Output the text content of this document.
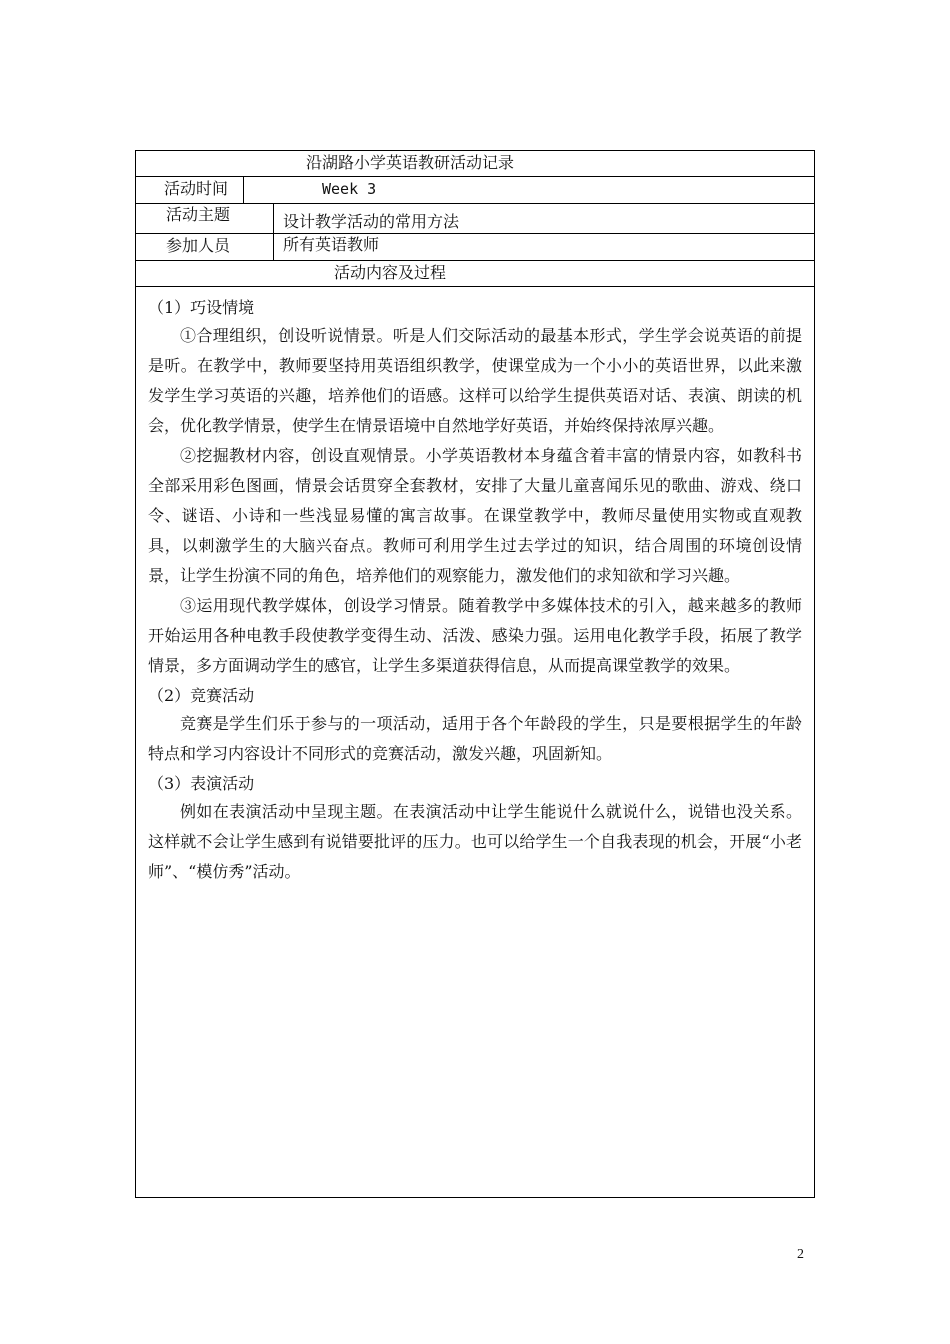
沿湖路小学英语教研活动记录
活动时间	Week 3
活动主题	设计教学活动的常用方法
参加人员	所有英语教师
活动内容及过程
（1）巧设情境
①合理组织，创设听说情景。听是人们交际活动的最基本形式，学生学会说英语的前提是听。在教学中，教师要坚持用英语组织教学，使课堂成为一个小小的英语世界，以此来激发学生学习英语的兴趣，培养他们的语感。这样可以给学生提供英语对话、表演、朗读的机会，优化教学情景，使学生在情景语境中自然地学好英语，并始终保持浓厚兴趣。
②挖掘教材内容，创设直观情景。小学英语教材本身蕴含着丰富的情景内容，如教科书全部采用彩色图画，情景会话贯穿全套教材，安排了大量儿童喜闻乐见的歌曲、游戏、绕口令、谜语、小诗和一些浅显易懂的寓言故事。在课堂教学中，教师尽量使用实物或直观教具，以刺激学生的大脑兴奋点。教师可利用学生过去学过的知识，结合周围的环境创设情景，让学生扮演不同的角色，培养他们的观察能力，激发他们的求知欲和学习兴趣。
③运用现代教学媒体，创设学习情景。随着教学中多媒体技术的引入，越来越多的教师开始运用各种电教手段使教学变得生动、活泼、感染力强。运用电化教学手段，拓展了教学情景，多方面调动学生的感官，让学生多渠道获得信息，从而提高课堂教学的效果。
（2）竞赛活动
竞赛是学生们乐于参与的一项活动，适用于各个年龄段的学生，只是要根据学生的年龄特点和学习内容设计不同形式的竞赛活动，激发兴趣，巩固新知。
（3）表演活动
例如在表演活动中呈现主题。在表演活动中让学生能说什么就说什么，说错也没关系。这样就不会让学生感到有说错要批评的压力。也可以给学生一个自我表现的机会，开展“小老师”、“模仿秀”活动。
2
